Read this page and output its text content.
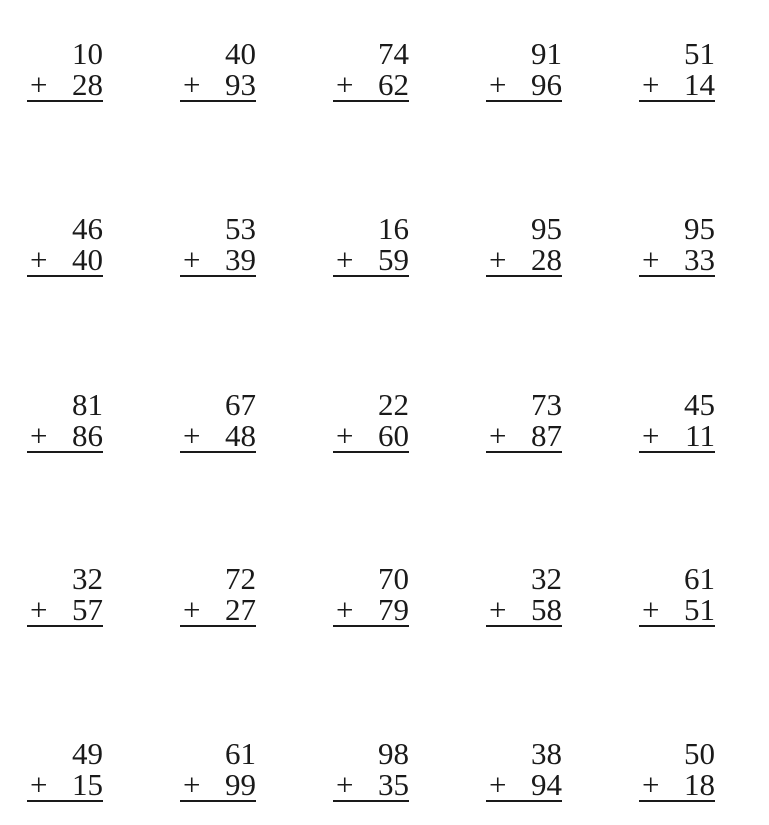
10
+ 28
40
+ 93
74
+ 62
91
+ 96
51
+ 14
46
+ 40
53
+ 39
16
+ 59
95
+ 28
95
+ 33
81
+ 86
67
+ 48
22
+ 60
73
+ 87
45
+ 11
32
+ 57
72
+ 27
70
+ 79
32
+ 58
61
+ 51
49
+ 15
61
+ 99
98
+ 35
38
+ 94
50
+ 18
